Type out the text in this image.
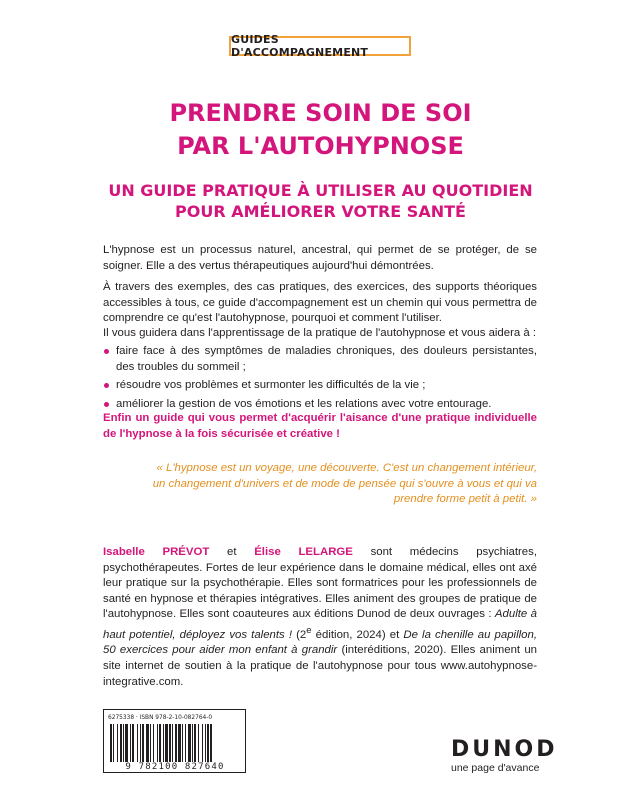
GUIDES D'ACCOMPAGNEMENT
PRENDRE SOIN DE SOI
PAR L'AUTOHYPNOSE
UN GUIDE PRATIQUE À UTILISER AU QUOTIDIEN
POUR AMÉLIORER VOTRE SANTÉ

L'hypnose est un processus naturel, ancestral, qui permet de se protéger, de se soigner. Elle a des vertus thérapeutiques aujourd'hui démontrées.

À travers des exemples, des cas pratiques, des exercices, des supports théoriques accessibles à tous, ce guide d'accompagnement est un chemin qui vous permettra de comprendre ce qu'est l'autohypnose, pourquoi et comment l'utiliser.

Il vous guidera dans l'apprentissage de la pratique de l'autohypnose et vous aidera à :

faire face à des symptômes de maladies chroniques, des douleurs persistantes, des troubles du sommeil ;
résoudre vos problèmes et surmonter les difficultés de la vie ;
améliorer la gestion de vos émotions et les relations avec votre entourage.

Enfin un guide qui vous permet d'acquérir l'aisance d'une pratique individuelle de l'hypnose à la fois sécurisée et créative !

« L'hypnose est un voyage, une découverte. C'est un changement intérieur, un changement d'univers et de mode de pensée qui s'ouvre à vous et qui va prendre forme petit à petit. »

Isabelle PRÉVOT et Élise LELARGE sont médecins psychiatres, psychothérapeutes. Fortes de leur expérience dans le domaine médical, elles ont axé leur pratique sur la psychothérapie. Elles sont formatrices pour les professionnels de santé en hypnose et thérapies intégratives. Elles animent des groupes de pratique de l'autohypnose. Elles sont coauteures aux éditions Dunod de deux ouvrages : Adulte à haut potentiel, déployez vos talents ! (2e édition, 2024) et De la chenille au papillon, 50 exercices pour aider mon enfant à grandir (interéditions, 2020). Elles animent un site internet de soutien à la pratique de l'autohypnose pour tous www.autohypnose-integrative.com.

6275338 · ISBN 978-2-10-082764-0
9 782100 827640
DUNOD
une page d'avance
